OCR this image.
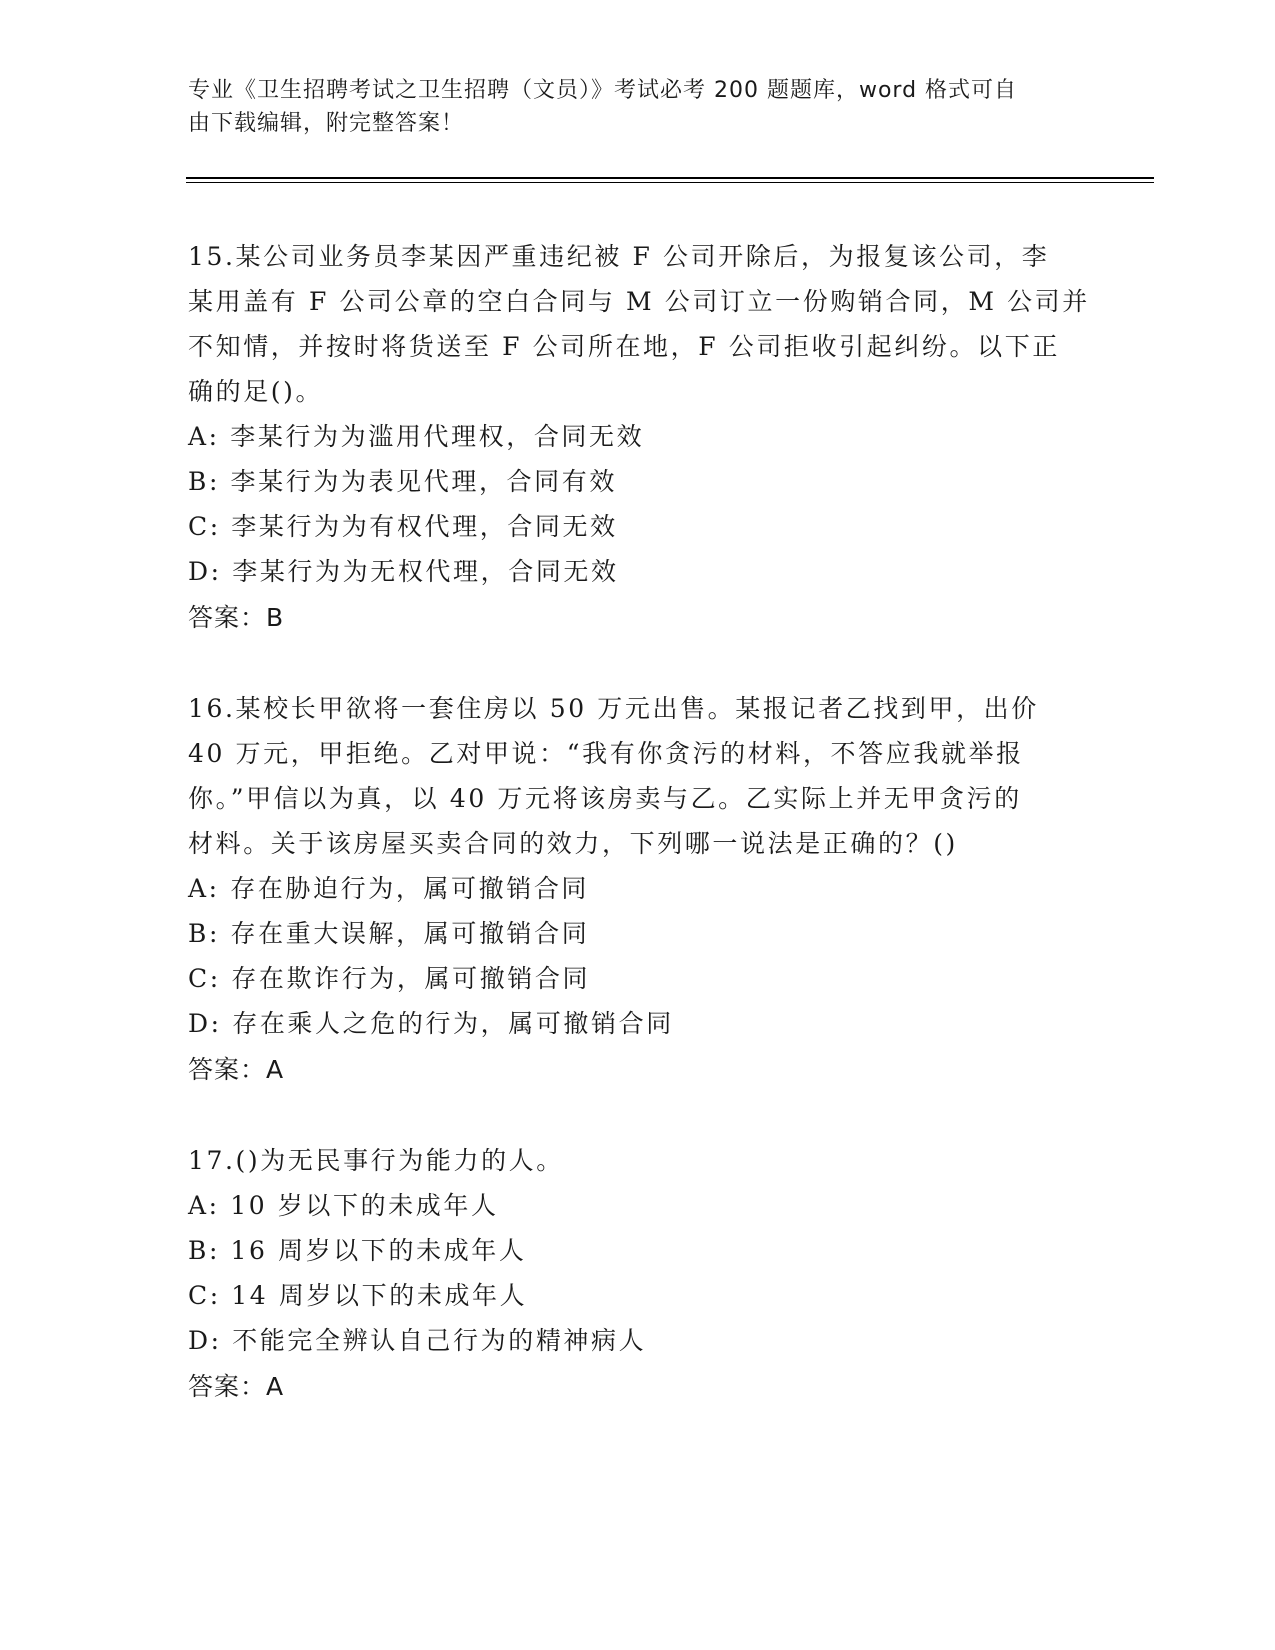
专业《卫生招聘考试之卫生招聘（文员）》考试必考 200 题题库，word 格式可自
由下载编辑，附完整答案！
15.某公司业务员李某因严重违纪被 F 公司开除后，为报复该公司，李
某用盖有 F 公司公章的空白合同与 M 公司订立一份购销合同，M 公司并
不知情，并按时将货送至 F 公司所在地，F 公司拒收引起纠纷。以下正
确的足()。
A: 李某行为为滥用代理权，合同无效
B: 李某行为为表见代理，合同有效
C: 李某行为为有权代理，合同无效
D: 李某行为为无权代理，合同无效
答案：B
16.某校长甲欲将一套住房以 50 万元出售。某报记者乙找到甲，出价
40 万元，甲拒绝。乙对甲说：“我有你贪污的材料，不答应我就举报
你。”甲信以为真，以 40 万元将该房卖与乙。乙实际上并无甲贪污的
材料。关于该房屋买卖合同的效力，下列哪一说法是正确的？()
A: 存在胁迫行为，属可撤销合同
B: 存在重大误解，属可撤销合同
C: 存在欺诈行为，属可撤销合同
D: 存在乘人之危的行为，属可撤销合同
答案：A
17.()为无民事行为能力的人。
A: 10 岁以下的未成年人
B: 16 周岁以下的未成年人
C: 14 周岁以下的未成年人
D: 不能完全辨认自己行为的精神病人
答案：A
